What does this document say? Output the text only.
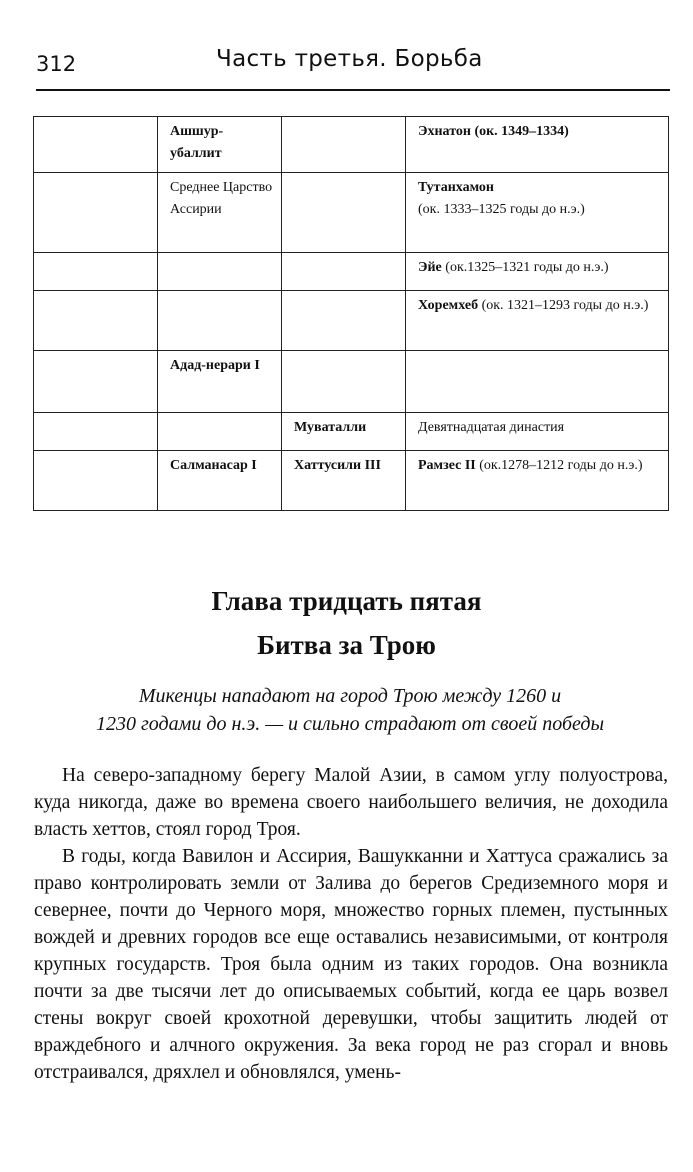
312	Часть третья. Борьба
	Ашшур-убаллит		Эхнатон (ок. 1349–1334)
	Среднее Царство Ассирии		Тутанхамон
(ок. 1333–1325 годы до н.э.)
			Эйе (ок.1325–1321 годы до н.э.)
			Хоремхеб (ок. 1321–1293 годы до н.э.)
	Адад-нерари I		
		Муваталли	Девятнадцатая династия
	Салманасар I	Хаттусили III	Рамзес II (ок.1278–1212 годы до н.э.)
Глава тридцать пятая
Битва за Трою
Микенцы нападают на город Трою между 1260 и
1230 годами до н.э. — и сильно страдают от своей победы

На северо-западному берегу Малой Азии, в самом углу полуострова, куда никогда, даже во времена своего наибольшего величия, не доходила власть хеттов, стоял город Троя.

В годы, когда Вавилон и Ассирия, Вашукканни и Хаттуса сражались за право контролировать земли от Залива до берегов Средиземного моря и севернее, почти до Черного моря, множество горных племен, пустынных вождей и древних городов все еще оставались независимыми, от контроля крупных государств. Троя была одним из таких городов. Она возникла почти за две тысячи лет до описываемых событий, когда ее царь возвел стены вокруг своей крохотной деревушки, чтобы защитить людей от враждебного и алчного окружения. За века город не раз сгорал и вновь отстраивался, дряхлел и обновлялся, умень-
